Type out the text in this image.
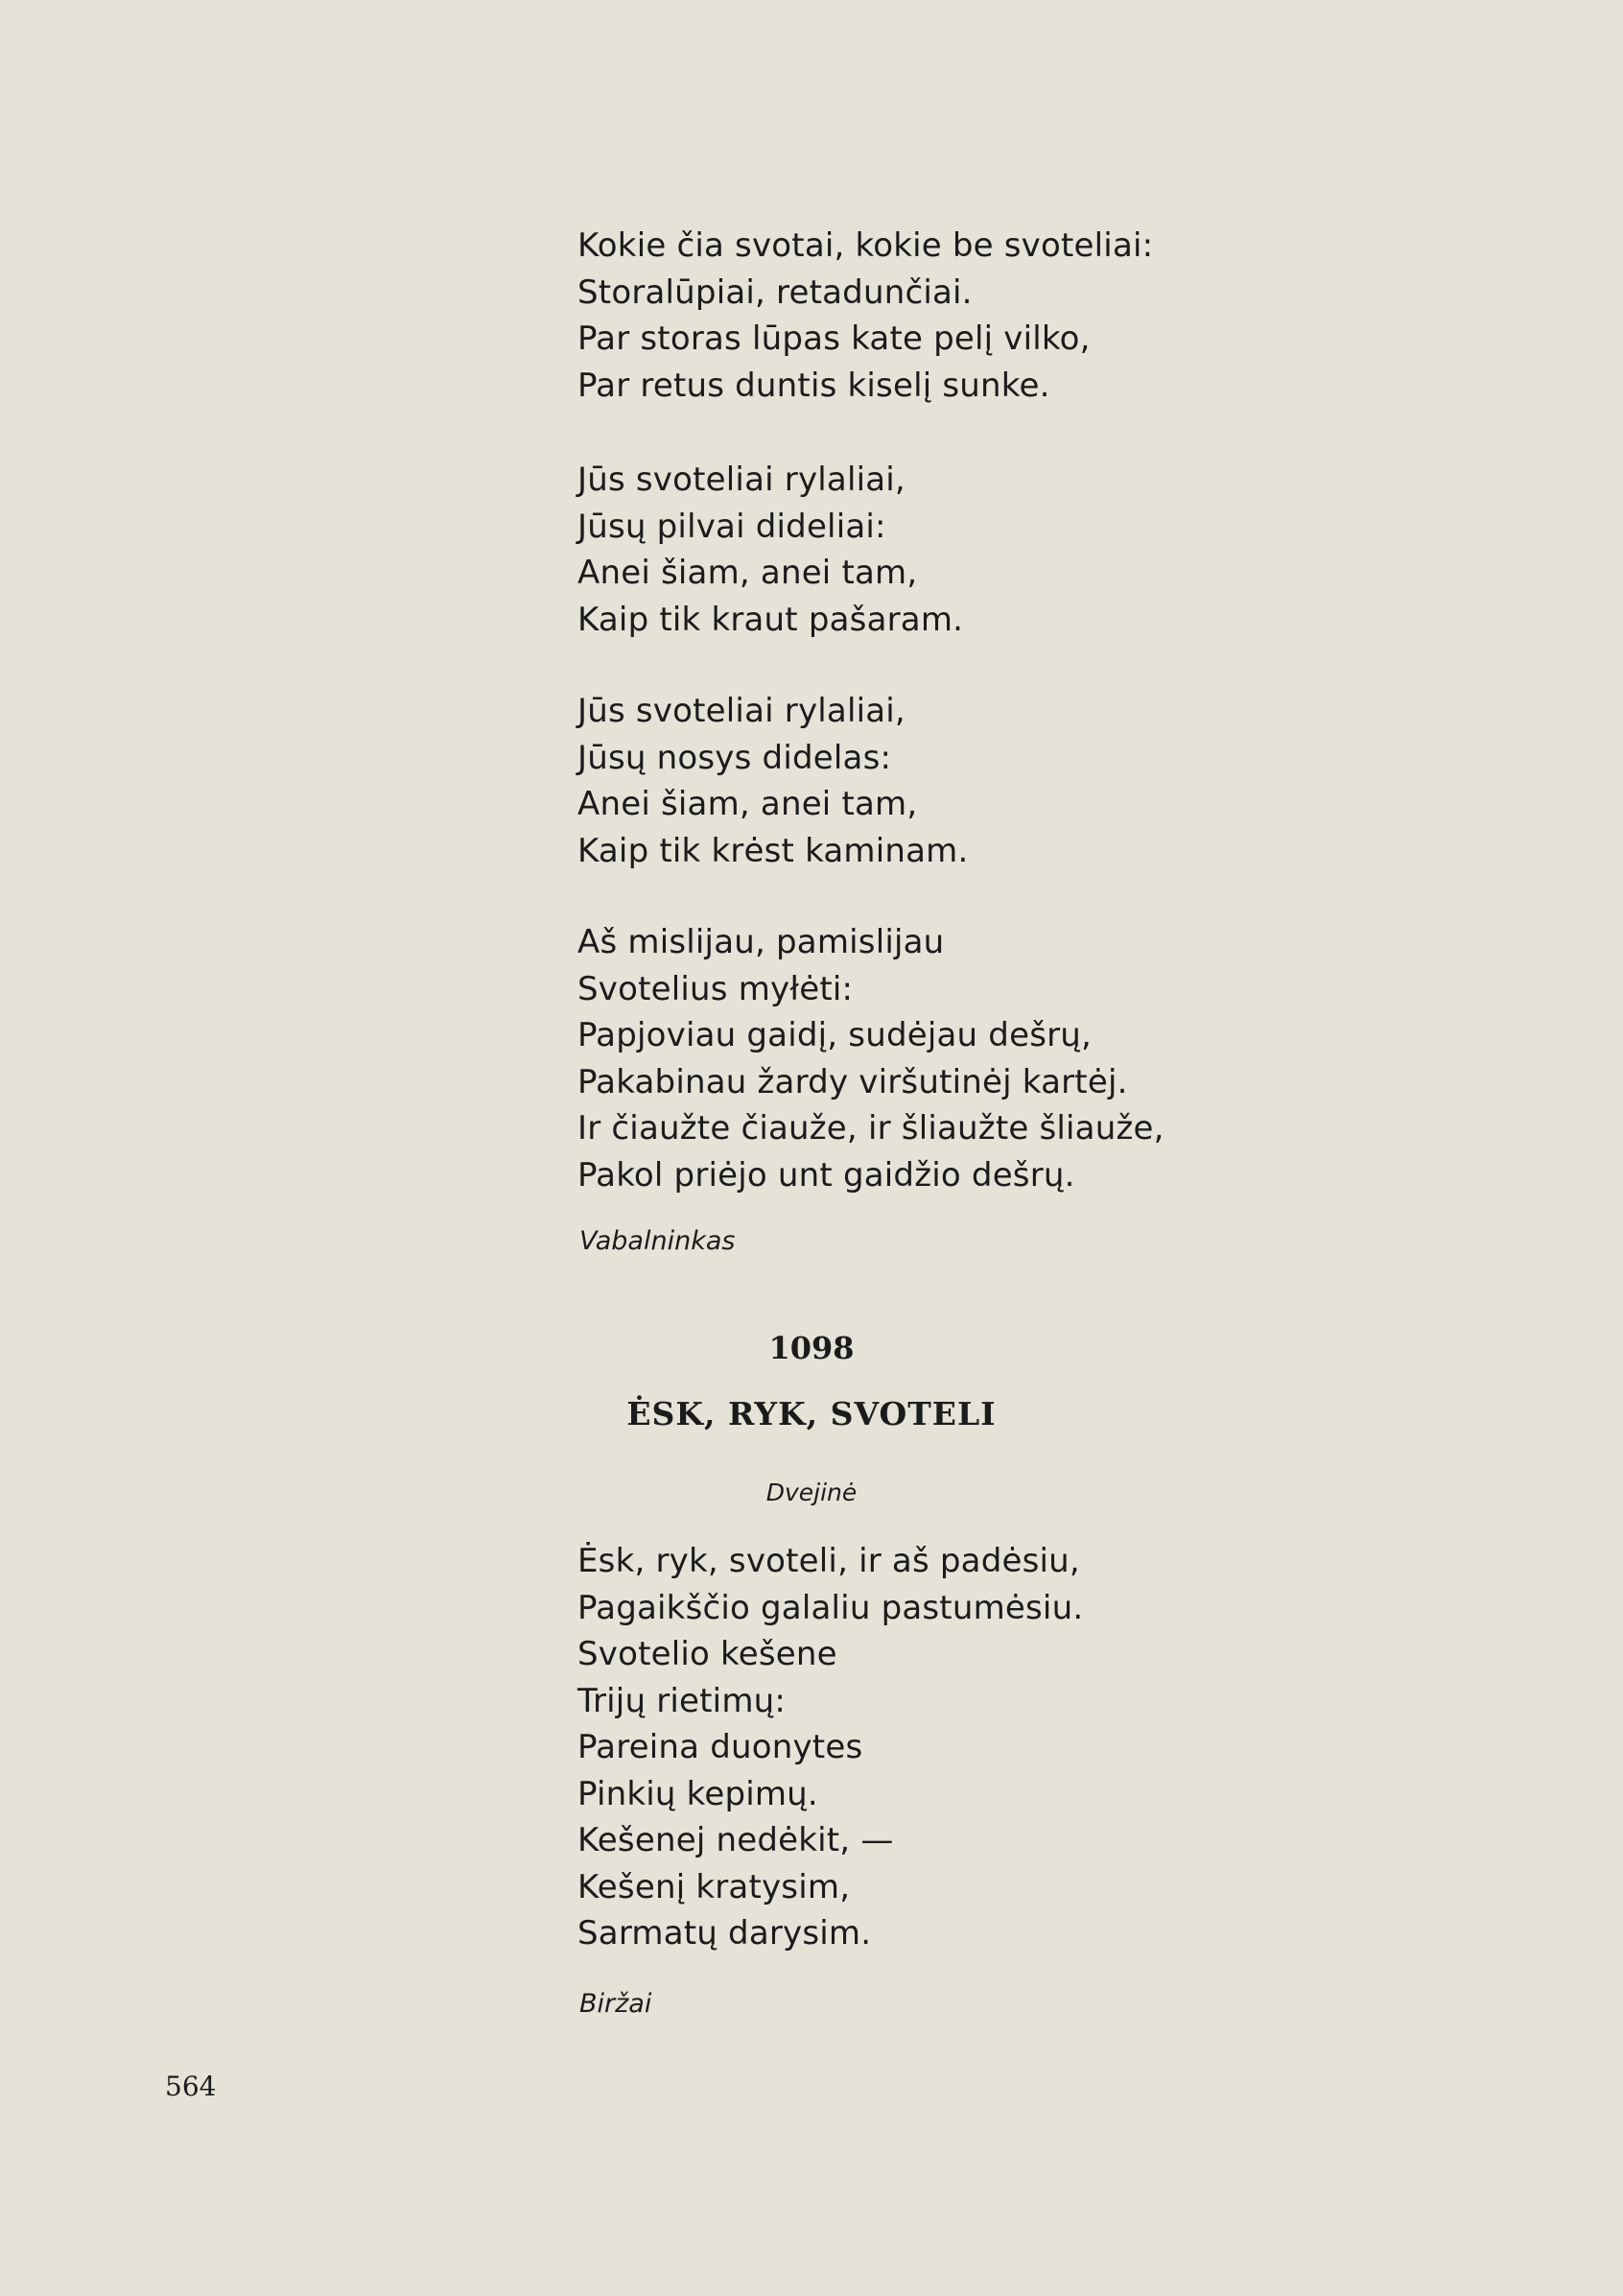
Kokie čia svotai, kokie be svoteliai:
Storalūpiai, retadunčiai.
Par storas lūpas kate pelį vilko,
Par retus duntis kiselį sunke.
Jūs svoteliai rylaliai,
Jūsų pilvai dideliai:
Anei šiam, anei tam,
Kaip tik kraut pašaram.
Jūs svoteliai rylaliai,
Jūsų nosys didelas:
Anei šiam, anei tam,
Kaip tik krėst kaminam.
Aš mislijau, pamislijau
Svotelius myłėti:
Papjoviau gaidį, sudėjau dešrų,
Pakabinau žardy viršutinėj kartėj.
Ir čiaužte čiauže, ir šliaužte šliauže,
Pakol priėjo unt gaidžio dešrų.
Vabalninkas
1098
ĖSK, RYK, SVOTELI
Dvejinė
Ėsk, ryk, svoteli, ir aš padėsiu,
Pagaikščio galaliu pastumėsiu.
Svotelio kešene
Trijų rietimų:
Pareina duonytes
Pinkių kepimų.
Kešenej nedėkit, —
Kešenį kratysim,
Sarmatų darysim.
Biržai
564
